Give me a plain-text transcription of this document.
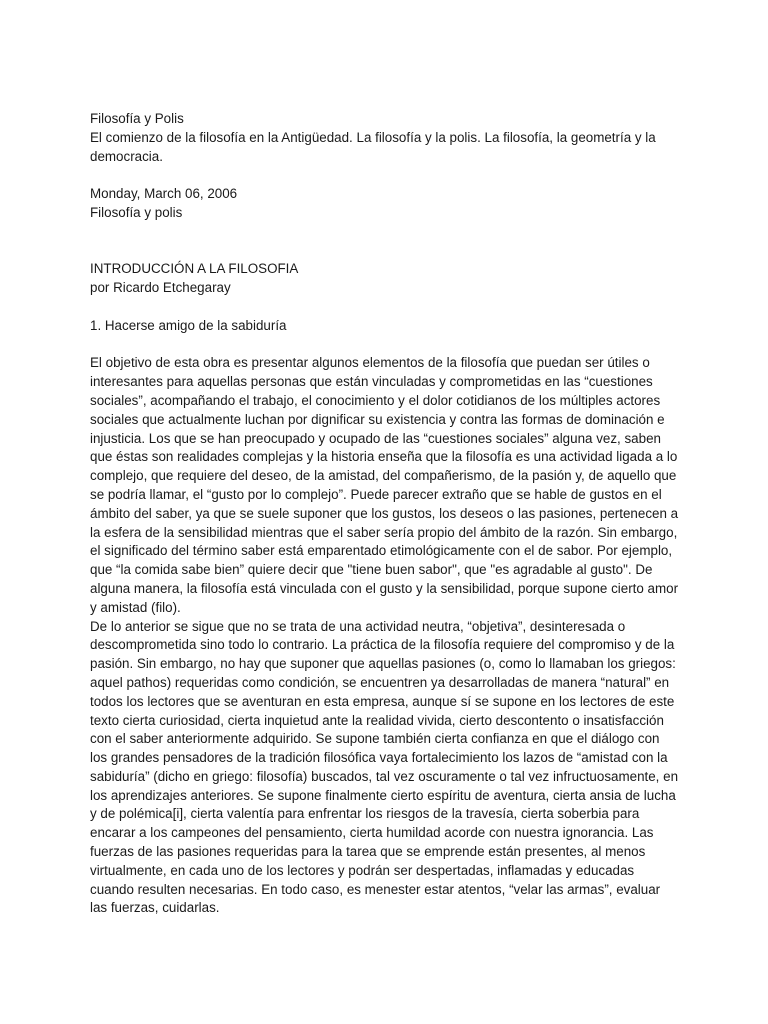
Filosofía y Polis

El comienzo de la filosofía en la Antigüedad. La filosofía y la polis. La filosofía, la geometría y la democracia.

Monday, March 06, 2006

Filosofía y polis

INTRODUCCIÓN A LA FILOSOFIA

por Ricardo Etchegaray

1. Hacerse amigo de la sabiduría

El objetivo de esta obra es presentar algunos elementos de la filosofía que puedan ser útiles o interesantes para aquellas personas que están vinculadas y comprometidas en las “cuestiones sociales”, acompañando el trabajo, el conocimiento y el dolor cotidianos de los múltiples actores sociales que actualmente luchan por dignificar su existencia y contra las formas de dominación e injusticia. Los que se han preocupado y ocupado de las “cuestiones sociales” alguna vez, saben que éstas son realidades complejas y la historia enseña que la filosofía es una actividad ligada a lo complejo, que requiere del deseo, de la amistad, del compañerismo, de la pasión y, de aquello que se podría llamar, el “gusto por lo complejo”. Puede parecer extraño que se hable de gustos en el ámbito del saber, ya que se suele suponer que los gustos, los deseos o las pasiones, pertenecen a la esfera de la sensibilidad mientras que el saber sería propio del ámbito de la razón. Sin embargo, el significado del término saber está emparentado etimológicamente con el de sabor. Por ejemplo, que “la comida sabe bien” quiere decir que "tiene buen sabor", que "es agradable al gusto". De alguna manera, la filosofía está vinculada con el gusto y la sensibilidad, porque supone cierto amor y amistad (filo).

De lo anterior se sigue que no se trata de una actividad neutra, “objetiva”, desinteresada o descomprometida sino todo lo contrario. La práctica de la filosofía requiere del compromiso y de la pasión. Sin embargo, no hay que suponer que aquellas pasiones (o, como lo llamaban los griegos: aquel pathos) requeridas como condición, se encuentren ya desarrolladas de manera “natural” en todos los lectores que se aventuran en esta empresa, aunque sí se supone en los lectores de este texto cierta curiosidad, cierta inquietud ante la realidad vivida, cierto descontento o insatisfacción con el saber anteriormente adquirido. Se supone también cierta confianza en que el diálogo con los grandes pensadores de la tradición filosófica vaya fortalecimiento los lazos de “amistad con la sabiduría” (dicho en griego: filosofía) buscados, tal vez oscuramente o tal vez infructuosamente, en los aprendizajes anteriores. Se supone finalmente cierto espíritu de aventura, cierta ansia de lucha y de polémica[i], cierta valentía para enfrentar los riesgos de la travesía, cierta soberbia para encarar a los campeones del pensamiento, cierta humildad acorde con nuestra ignorancia. Las fuerzas de las pasiones requeridas para la tarea que se emprende están presentes, al menos virtualmente, en cada uno de los lectores y podrán ser despertadas, inflamadas y educadas cuando resulten necesarias. En todo caso, es menester estar atentos, “velar las armas”, evaluar las fuerzas, cuidarlas.
